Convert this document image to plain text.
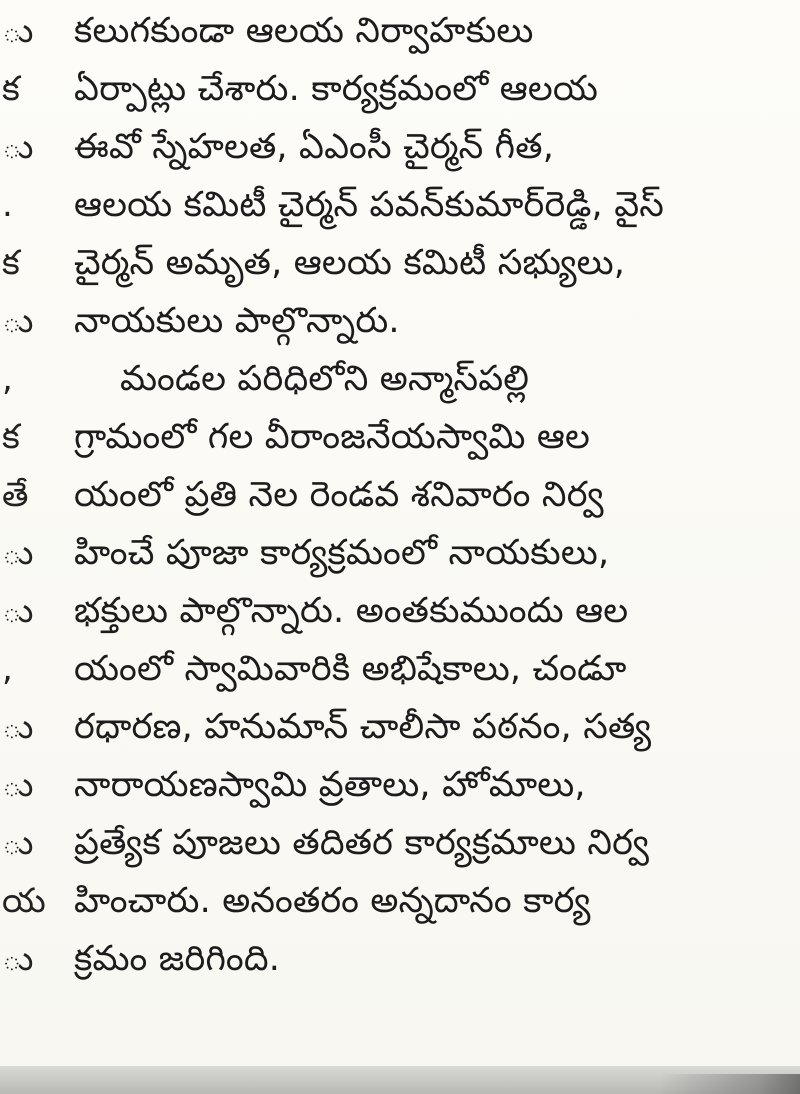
ు
క
ు
.
క
ు
,
క
తే
ు
ు
,
ు
ు
ు
య
ు
కలుగకుండా ఆలయ నిర్వాహకులు
ఏర్పాట్లు చేశారు. కార్యక్రమంలో ఆలయ
ఈవో స్నేహలత, ఏఎంసీ చైర్మన్ గీత,
ఆలయ కమిటీ చైర్మన్ పవన్‌కుమార్‌రెడ్డి, వైస్
చైర్మన్ అమృత, ఆలయ కమిటీ సభ్యులు,
నాయకులు పాల్గొన్నారు.
మండల పరిధిలోని అన్మాస్‌పల్లి
గ్రామంలో గల వీరాంజనేయస్వామి ఆల
యంలో ప్రతి నెల రెండవ శనివారం నిర్వ
హించే పూజా కార్యక్రమంలో నాయకులు,
భక్తులు పాల్గొన్నారు. అంతకుముందు ఆల
యంలో స్వామివారికి అభిషేకాలు, చండూ
రధారణ, హనుమాన్ చాలీసా పఠనం, సత్య
నారాయణస్వామి వ్రతాలు, హోమాలు,
ప్రత్యేక పూజలు తదితర కార్యక్రమాలు నిర్వ
హించారు. అనంతరం అన్నదానం కార్య
క్రమం జరిగింది.
